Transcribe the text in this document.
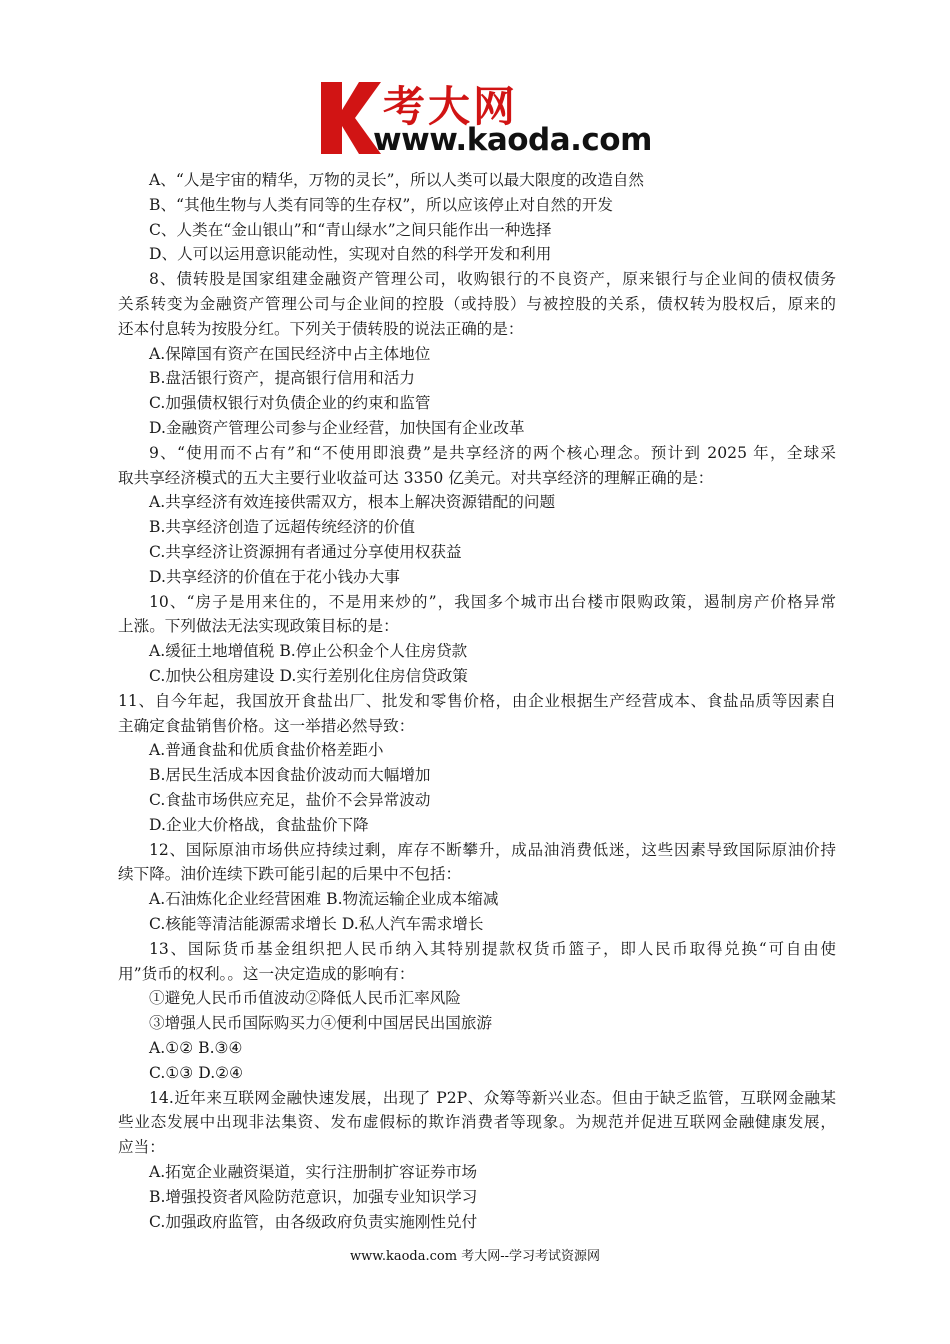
考大网
www.kaoda.com
A、“人是宇宙的精华，万物的灵长”，所以人类可以最大限度的改造自然
B、“其他生物与人类有同等的生存权”，所以应该停止对自然的开发
C、人类在“金山银山”和“青山绿水”之间只能作出一种选择
D、人可以运用意识能动性，实现对自然的科学开发和利用
8、债转股是国家组建金融资产管理公司，收购银行的不良资产，原来银行与企业间的债权债务
关系转变为金融资产管理公司与企业间的控股（或持股）与被控股的关系，债权转为股权后，原来的
还本付息转为按股分红。下列关于债转股的说法正确的是：
A.保障国有资产在国民经济中占主体地位
B.盘活银行资产，提高银行信用和活力
C.加强债权银行对负债企业的约束和监管
D.金融资产管理公司参与企业经营，加快国有企业改革
9、“使用而不占有”和“不使用即浪费”是共享经济的两个核心理念。预计到 2025 年，全球采
取共享经济模式的五大主要行业收益可达 3350 亿美元。对共享经济的理解正确的是：
A.共享经济有效连接供需双方，根本上解决资源错配的问题
B.共享经济创造了远超传统经济的价值
C.共享经济让资源拥有者通过分享使用权获益
D.共享经济的价值在于花小钱办大事
10、“房子是用来住的，不是用来炒的”，我国多个城市出台楼市限购政策，遏制房产价格异常
上涨。下列做法无法实现政策目标的是：
A.缓征土地增值税 B.停止公积金个人住房贷款
C.加快公租房建设 D.实行差别化住房信贷政策
11、自今年起，我国放开食盐出厂、批发和零售价格，由企业根据生产经营成本、食盐品质等因素自
主确定食盐销售价格。这一举措必然导致：
A.普通食盐和优质食盐价格差距小
B.居民生活成本因食盐价波动而大幅增加
C.食盐市场供应充足，盐价不会异常波动
D.企业大价格战，食盐盐价下降
12、国际原油市场供应持续过剩，库存不断攀升，成品油消费低迷，这些因素导致国际原油价持
续下降。油价连续下跌可能引起的后果中不包括：
A.石油炼化企业经营困难 B.物流运输企业成本缩减
C.核能等清洁能源需求增长 D.私人汽车需求增长
13、国际货币基金组织把人民币纳入其特别提款权货币篮子，即人民币取得兑换“可自由使
用”货币的权利。。这一决定造成的影响有：
①避免人民币币值波动②降低人民币汇率风险
③增强人民币国际购买力④便利中国居民出国旅游
A.①② B.③④
C.①③ D.②④
14.近年来互联网金融快速发展，出现了 P2P、众筹等新兴业态。但由于缺乏监管，互联网金融某
些业态发展中出现非法集资、发布虚假标的欺诈消费者等现象。为规范并促进互联网金融健康发展，
应当：
A.拓宽企业融资渠道，实行注册制扩容证券市场
B.增强投资者风险防范意识，加强专业知识学习
C.加强政府监管，由各级政府负责实施刚性兑付
www.kaoda.com 考大网--学习考试资源网
